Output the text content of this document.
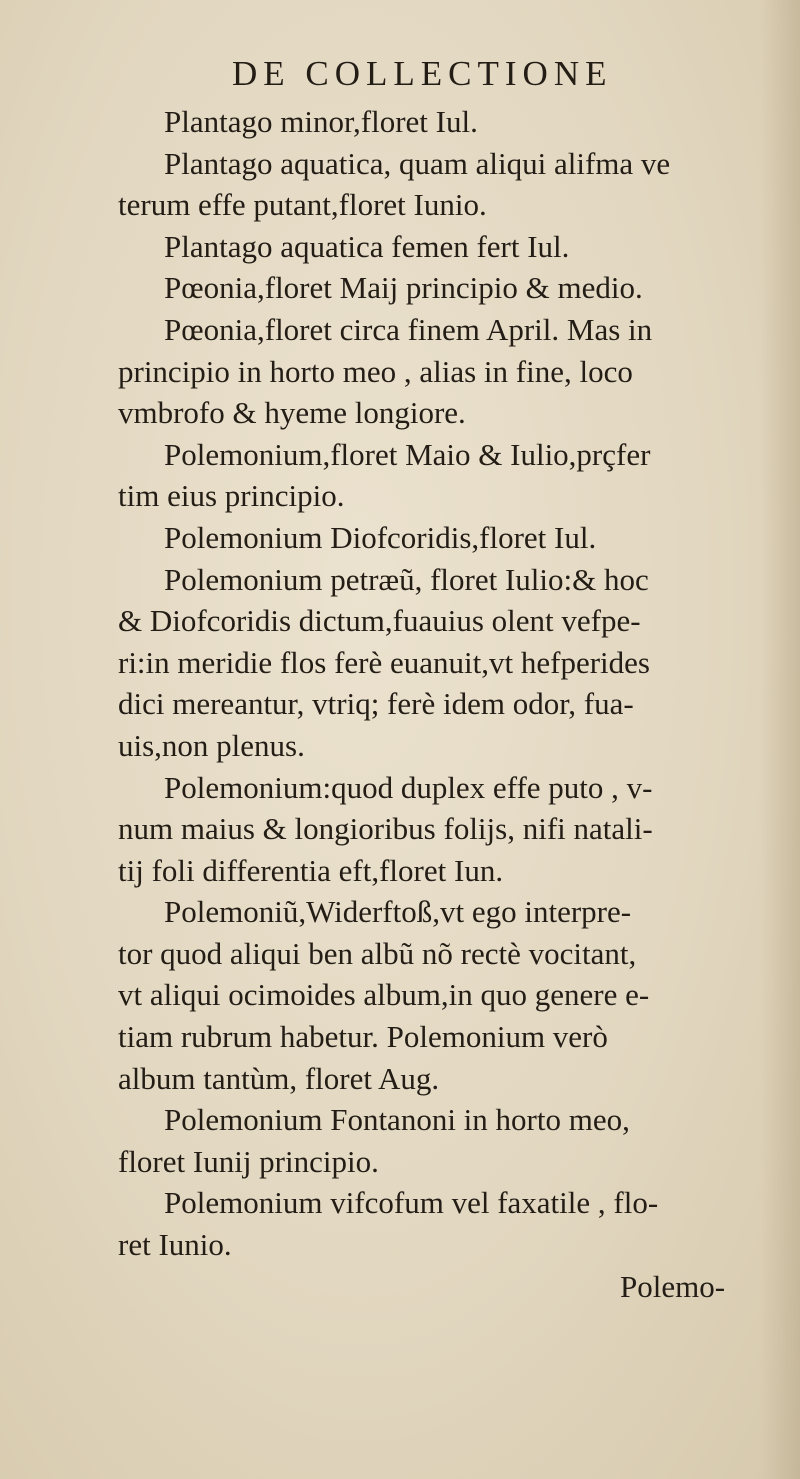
DE COLLECTIONE
Plantago minor,floret Iul.
Plantago aquatica, quam aliqui alifma ve
terum effe putant,floret Iunio.
Plantago aquatica femen fert Iul.
Pœonia,floret Maij principio & medio.
Pœonia,floret circa finem April. Mas in
principio in horto meo , alias in fine, loco
vmbrofo & hyeme longiore.
Polemonium,floret Maio & Iulio,prçfer
tim eius principio.
Polemonium Diofcoridis,floret Iul.
Polemonium petræũ, floret Iulio:& hoc
& Diofcoridis dictum,fuauius olent vefpe-
ri:in meridie flos ferè euanuit,vt hefperides
dici mereantur, vtriq; ferè idem odor, fua-
uis,non plenus.
Polemonium:quod duplex effe puto , v-
num maius & longioribus folijs, nifi natali-
tij foli differentia eft,floret Iun.
Polemoniũ,Widerftoß,vt ego interpre-
tor quod aliqui ben albũ nõ rectè vocitant,
vt aliqui ocimoides album,in quo genere e-
tiam rubrum habetur. Polemonium verò
album tantùm, floret Aug.
Polemonium Fontanoni in horto meo,
floret Iunij principio.
Polemonium vifcofum vel faxatile , flo-
ret Iunio.
Polemo-
